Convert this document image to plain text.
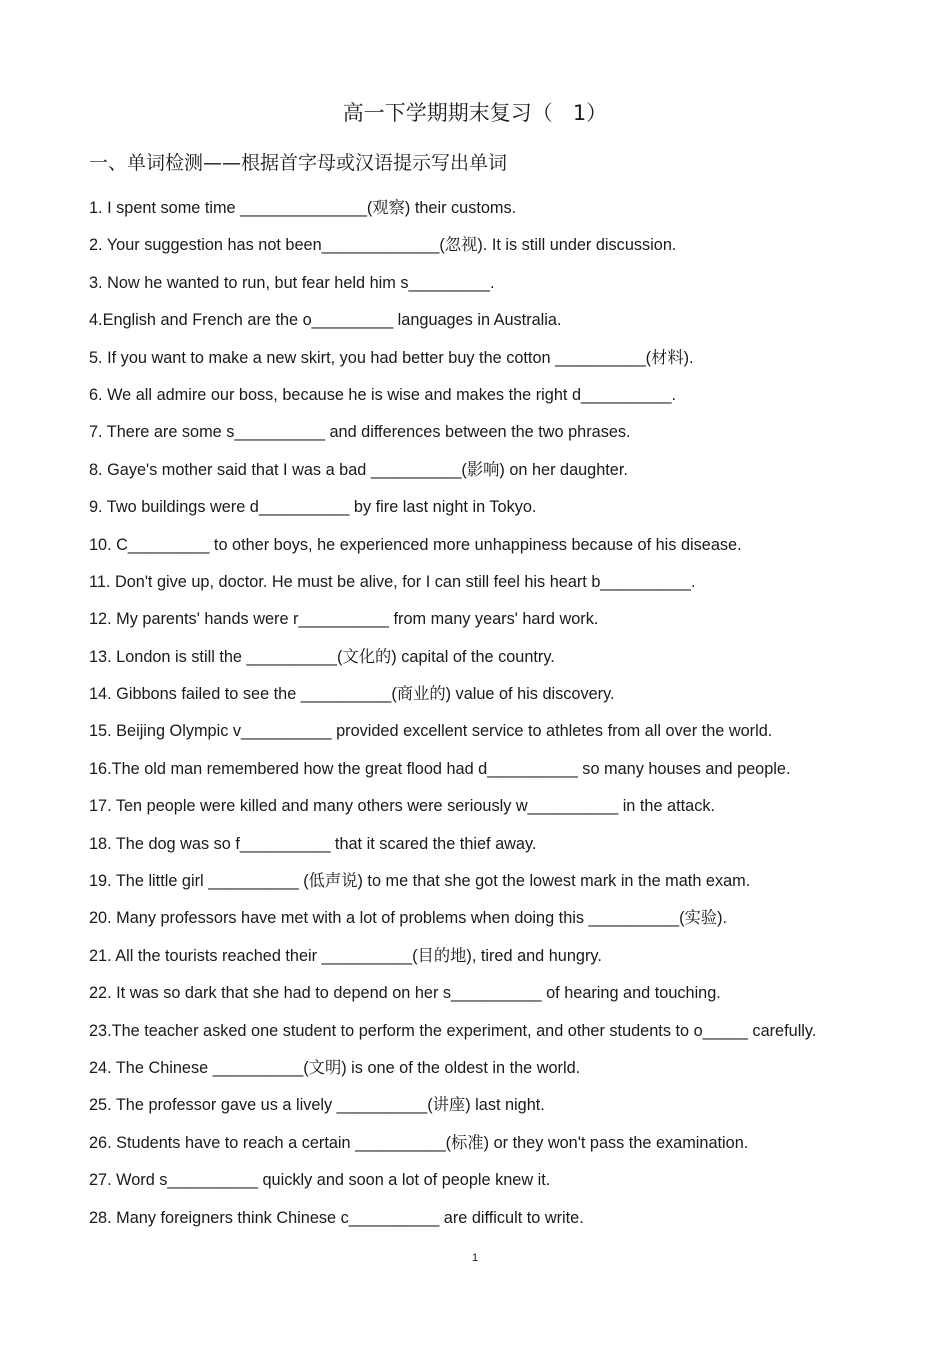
高一下学期期末复习（   1）
一、单词检测——根据首字母或汉语提示写出单词
1. I spent some time ______________(观察) their customs.
2. Your suggestion has not been_____________(忽视). It is still under discussion.
3. Now he wanted to run, but fear held him s_________.
4.English and French are the o_________ languages in Australia.
5. If you want to make a new skirt, you had better buy the cotton __________(材料).
6. We all admire our boss, because he is wise and makes the right d__________.
7. There are some s__________ and differences between the two phrases.
8. Gaye's mother said that I was a bad __________(影响) on her daughter.
9. Two buildings were d__________ by fire last night in Tokyo.
10. C_________ to other boys, he experienced more unhappiness because of his disease.
11. Don't give up, doctor. He must be alive, for I can still feel his heart b__________.
12. My parents' hands were r__________ from many years' hard work.
13. London is still the __________(文化的) capital of the country.
14. Gibbons failed to see the __________(商业的) value of his discovery.
15. Beijing Olympic v__________ provided excellent service to athletes from all over the world.
16.The old man remembered how the great flood had d__________ so many houses and people.
17. Ten people were killed and many others were seriously w__________ in the attack.
18. The dog was so f__________ that it scared the thief away.
19. The little girl __________ (低声说) to me that she got the lowest mark in the math exam.
20. Many professors have met with a lot of problems when doing this __________(实验).
21. All the tourists reached their __________(目的地), tired and hungry.
22. It was so dark that she had to depend on her s__________ of hearing and touching.
23.The teacher asked one student to perform the experiment, and other students to o_____ carefully.
24. The Chinese __________(文明) is one of the oldest in the world.
25. The professor gave us a lively __________(讲座) last night.
26. Students have to reach a certain __________(标准) or they won't pass the examination.
27. Word s__________ quickly and soon a lot of people knew it.
28. Many foreigners think Chinese c__________ are difficult to write.
1
